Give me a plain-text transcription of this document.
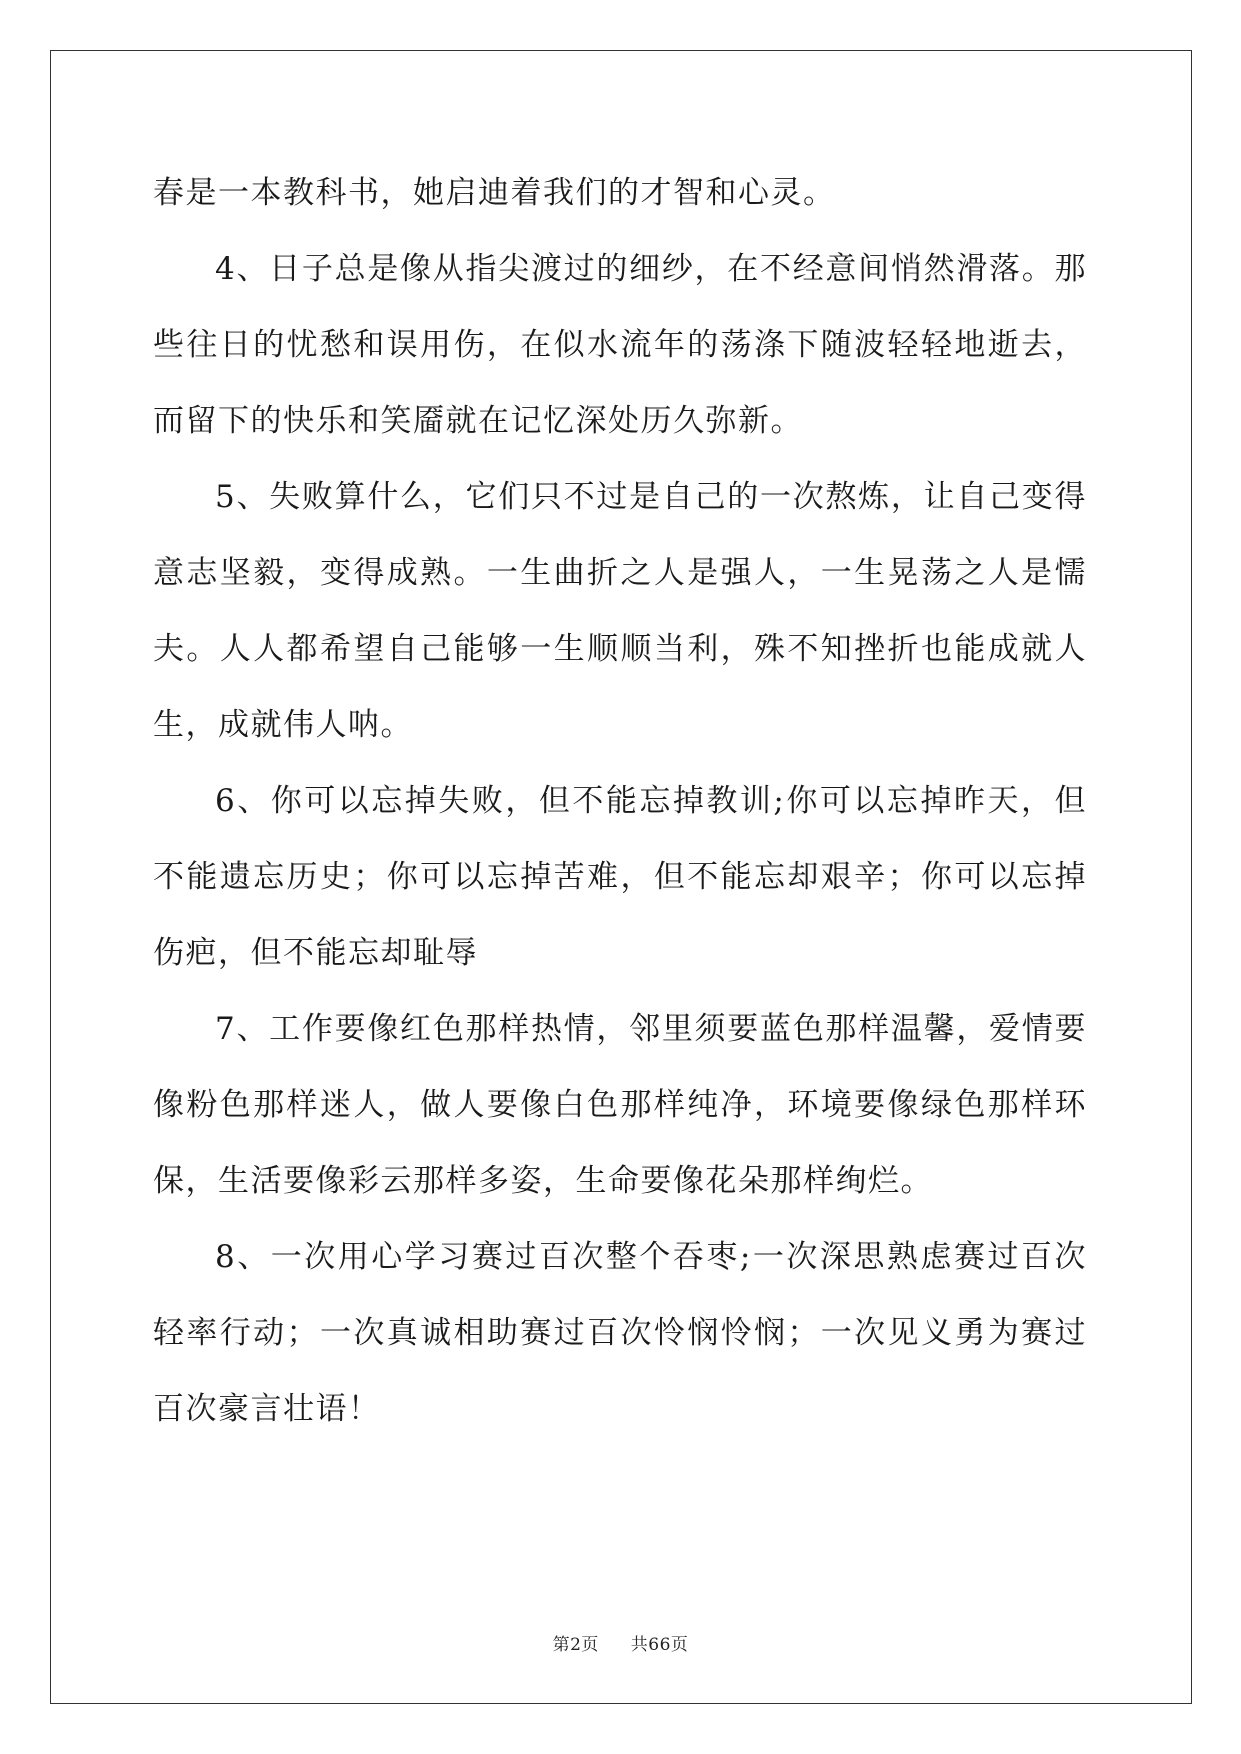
春是一本教科书，她启迪着我们的才智和心灵。

4、日子总是像从指尖渡过的细纱，在不经意间悄然滑落。那些往日的忧愁和误用伤，在似水流年的荡涤下随波轻轻地逝去，而留下的快乐和笑靥就在记忆深处历久弥新。

5、失败算什么，它们只不过是自己的一次熬炼，让自己变得意志坚毅，变得成熟。一生曲折之人是强人，一生晃荡之人是懦夫。人人都希望自己能够一生顺顺当利，殊不知挫折也能成就人生，成就伟人呐。

6、你可以忘掉失败，但不能忘掉教训;你可以忘掉昨天，但不能遗忘历史；你可以忘掉苦难，但不能忘却艰辛；你可以忘掉伤疤，但不能忘却耻辱

7、工作要像红色那样热情，邻里须要蓝色那样温馨，爱情要像粉色那样迷人，做人要像白色那样纯净，环境要像绿色那样环保，生活要像彩云那样多姿，生命要像花朵那样绚烂。

8、一次用心学习赛过百次整个吞枣;一次深思熟虑赛过百次轻率行动；一次真诚相助赛过百次怜悯怜悯；一次见义勇为赛过百次豪言壮语！

第2页 共66页
